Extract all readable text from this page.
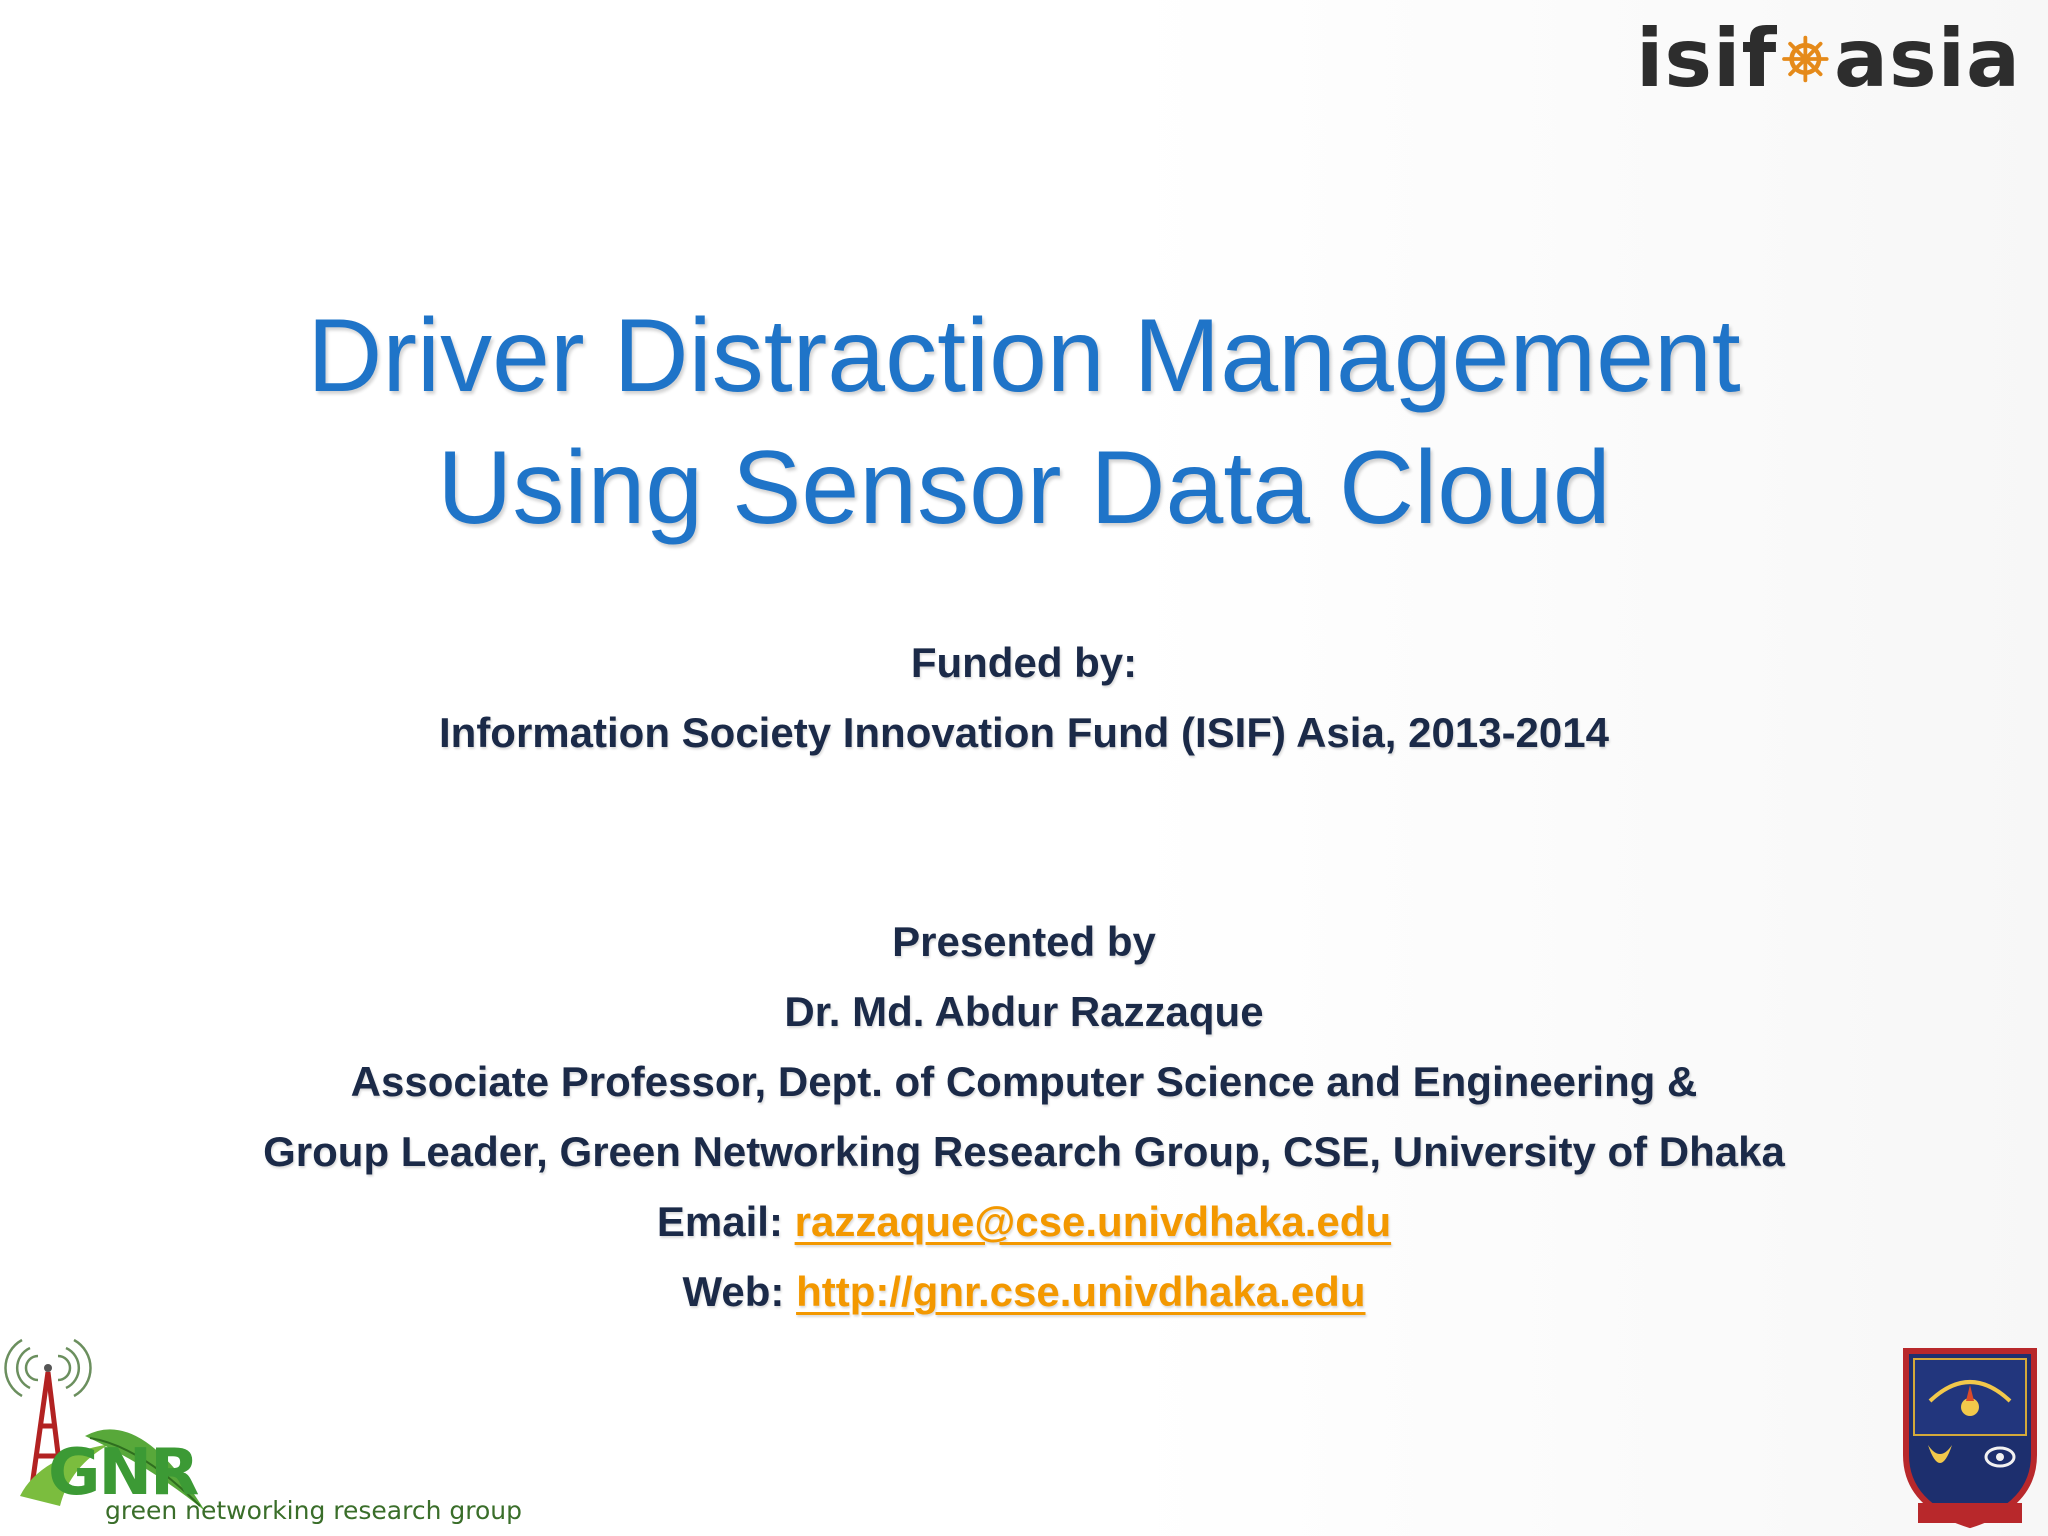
isif asia
Driver Distraction Management
Using Sensor Data Cloud
Funded by:
Information Society Innovation Fund (ISIF) Asia, 2013-2014
Presented by
Dr. Md. Abdur Razzaque
Associate Professor, Dept. of Computer Science and Engineering &
Group Leader, Green Networking Research Group, CSE, University of Dhaka
Email: razzaque@cse.univdhaka.edu
Web: http://gnr.cse.univdhaka.edu
GNR
green networking research group
